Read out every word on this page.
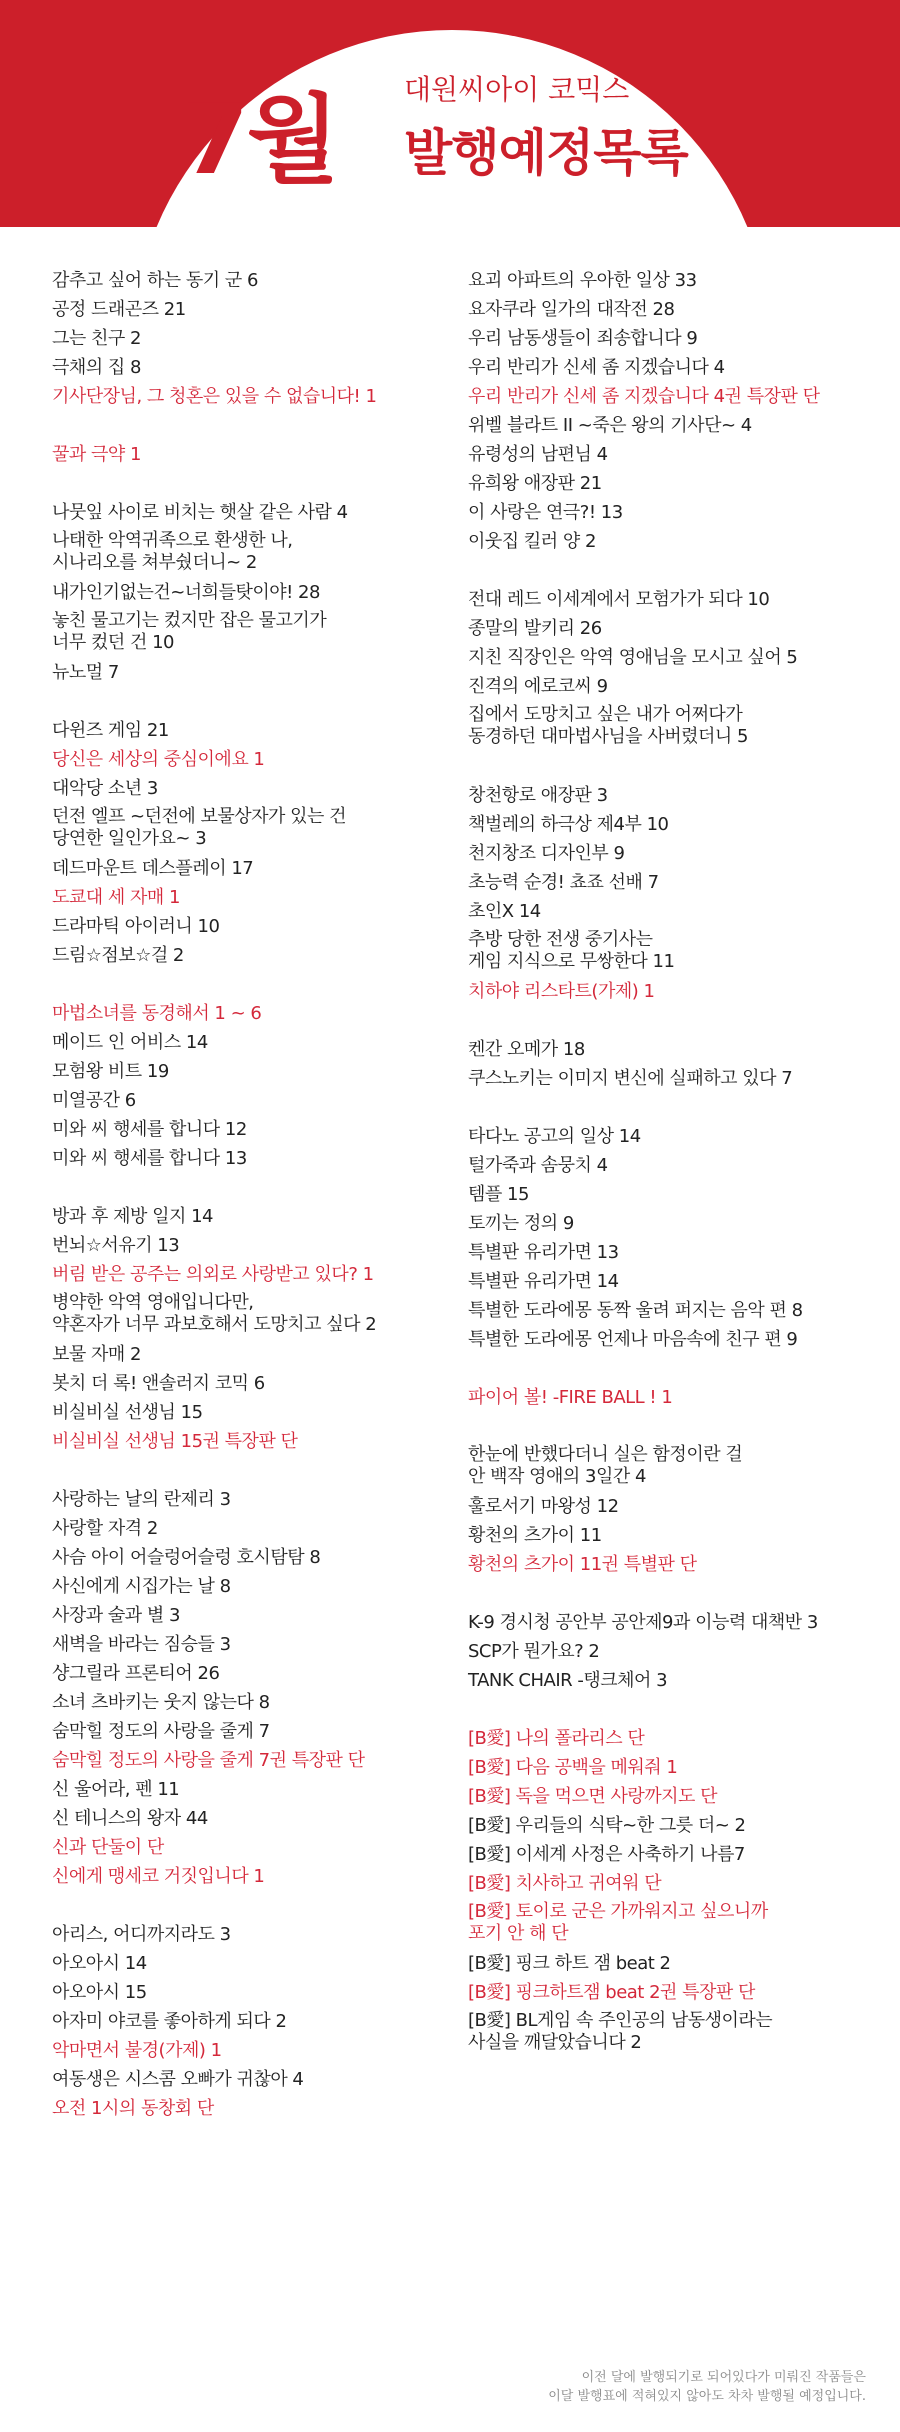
7월 대원씨아이 코믹스
발행예정목록
감추고 싶어 하는 동기 군 6
공정 드래곤즈 21
그는 친구 2
극채의 집 8
기사단장님, 그 청혼은 있을 수 없습니다! 1
꿀과 극약 1
나뭇잎 사이로 비치는 햇살 같은 사람 4
나태한 악역귀족으로 환생한 나,
시나리오를 쳐부쉈더니~ 2
내가인기없는건~너희들탓이야! 28
놓친 물고기는 컸지만 잡은 물고기가
너무 컸던 건 10
뉴노멀 7
다윈즈 게임 21
당신은 세상의 중심이에요 1
대악당 소년 3
던전 엘프 ~던전에 보물상자가 있는 건
당연한 일인가요~ 3
데드마운트 데스플레이 17
도쿄대 세 자매 1
드라마틱 아이러니 10
드림☆점보☆걸 2
마법소녀를 동경해서 1 ~ 6
메이드 인 어비스 14
모험왕 비트 19
미열공간 6
미와 씨 행세를 합니다 12
미와 씨 행세를 합니다 13
방과 후 제방 일지 14
번뇌☆서유기 13
버림 받은 공주는 의외로 사랑받고 있다? 1
병약한 악역 영애입니다만,
약혼자가 너무 과보호해서 도망치고 싶다 2
보물 자매 2
봇치 더 록! 앤솔러지 코믹 6
비실비실 선생님 15
비실비실 선생님 15권 특장판 단
사랑하는 날의 란제리 3
사랑할 자격 2
사슴 아이 어슬렁어슬렁 호시탐탐 8
사신에게 시집가는 날 8
사장과 술과 별 3
새벽을 바라는 짐승들 3
샹그릴라 프론티어 26
소녀 츠바키는 웃지 않는다 8
숨막힐 정도의 사랑을 줄게 7
숨막힐 정도의 사랑을 줄게 7권 특장판 단
신 울어라, 펜 11
신 테니스의 왕자 44
신과 단둘이 단
신에게 맹세코 거짓입니다 1
아리스, 어디까지라도 3
아오아시 14
아오아시 15
아자미 야코를 좋아하게 되다 2
악마면서 불경(가제) 1
여동생은 시스콤 오빠가 귀찮아 4
오전 1시의 동창회 단
요괴 아파트의 우아한 일상 33
요자쿠라 일가의 대작전 28
우리 남동생들이 죄송합니다 9
우리 반리가 신세 좀 지겠습니다 4
우리 반리가 신세 좀 지겠습니다 4권 특장판 단
위벨 블라트 II ~죽은 왕의 기사단~ 4
유령성의 남편님 4
유희왕 애장판 21
이 사랑은 연극?! 13
이웃집 킬러 양 2
전대 레드 이세계에서 모험가가 되다 10
종말의 발키리 26
지친 직장인은 악역 영애님을 모시고 싶어 5
진격의 에로코씨 9
집에서 도망치고 싶은 내가 어쩌다가
동경하던 대마법사님을 사버렸더니 5
창천항로 애장판 3
책벌레의 하극상 제4부 10
천지창조 디자인부 9
초능력 순경! 쵸죠 선배 7
초인X 14
추방 당한 전생 중기사는
게임 지식으로 무쌍한다 11
치하야 리스타트(가제) 1
켄간 오메가 18
쿠스노키는 이미지 변신에 실패하고 있다 7
타다노 공고의 일상 14
털가죽과 솜뭉치 4
템플 15
토끼는 정의 9
특별판 유리가면 13
특별판 유리가면 14
특별한 도라에몽 동짝 울려 퍼지는 음악 편 8
특별한 도라에몽 언제나 마음속에 친구 편 9
파이어 볼! -FIRE BALL ! 1
한눈에 반했다더니 실은 함정이란 걸
안 백작 영애의 3일간 4
훌로서기 마왕성 12
황천의 츠가이 11
황천의 츠가이 11권 특별판 단
K-9 경시청 공안부 공안제9과 이능력 대책반 3
SCP가 뭔가요? 2
TANK CHAIR -탱크체어 3
[B愛] 나의 폴라리스 단
[B愛] 다음 공백을 메워줘 1
[B愛] 독을 먹으면 사랑까지도 단
[B愛] 우리들의 식탁~한 그릇 더~ 2
[B愛] 이세계 사정은 사축하기 나름7
[B愛] 치사하고 귀여워 단
[B愛] 토이로 군은 가까워지고 싶으니까
포기 안 해 단
[B愛] 핑크 하트 잼 beat 2
[B愛] 핑크하트잼 beat 2권 특장판 단
[B愛] BL게임 속 주인공의 남동생이라는
사실을 깨달았습니다 2
이전 달에 발행되기로 되어있다가 미뤄진 작품들은
이달 발행표에 적혀있지 않아도 차차 발행될 예정입니다.
